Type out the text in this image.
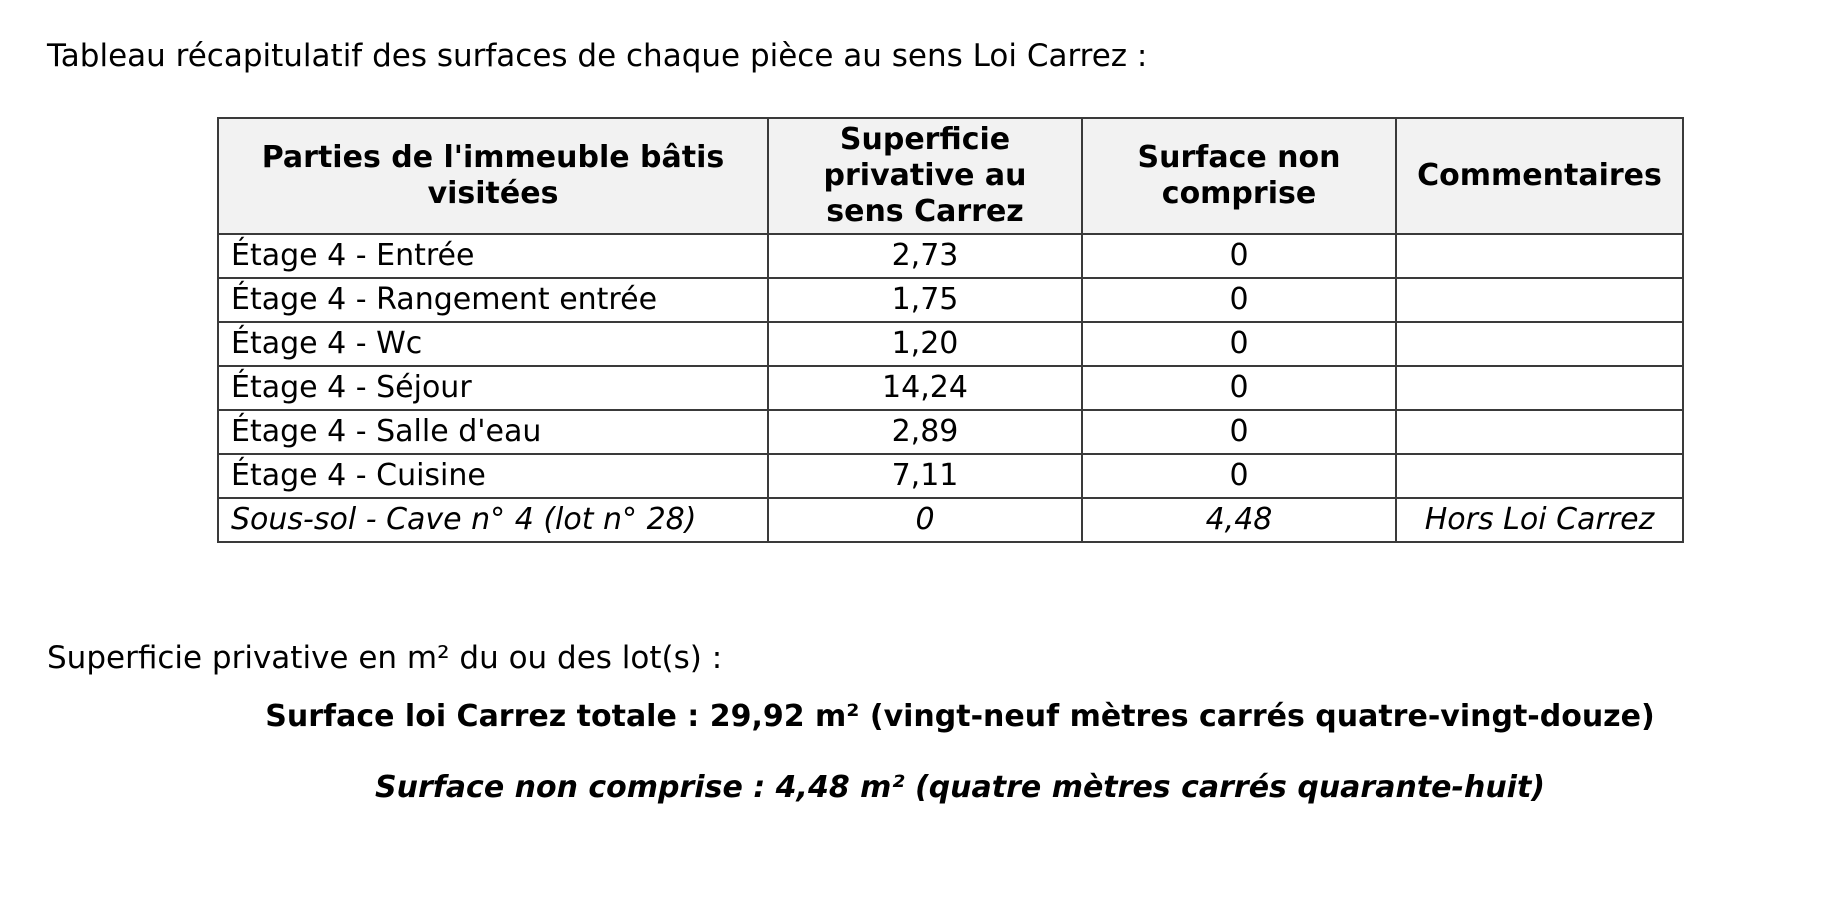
Tableau récapitulatif des surfaces de chaque pièce au sens Loi Carrez :
Parties de l'immeuble bâtis visitées	Superficie privative au sens Carrez	Surface non comprise	Commentaires
Étage 4 - Entrée	2,73	0	
Étage 4 - Rangement entrée	1,75	0	
Étage 4 - Wc	1,20	0	
Étage 4 - Séjour	14,24	0	
Étage 4 - Salle d'eau	2,89	0	
Étage 4 - Cuisine	7,11	0	
Sous-sol - Cave n° 4 (lot n° 28)	0	4,48	Hors Loi Carrez
Superficie privative en m² du ou des lot(s) :
Surface loi Carrez totale : 29,92 m² (vingt-neuf mètres carrés quatre-vingt-douze)
Surface non comprise : 4,48 m² (quatre mètres carrés quarante-huit)
